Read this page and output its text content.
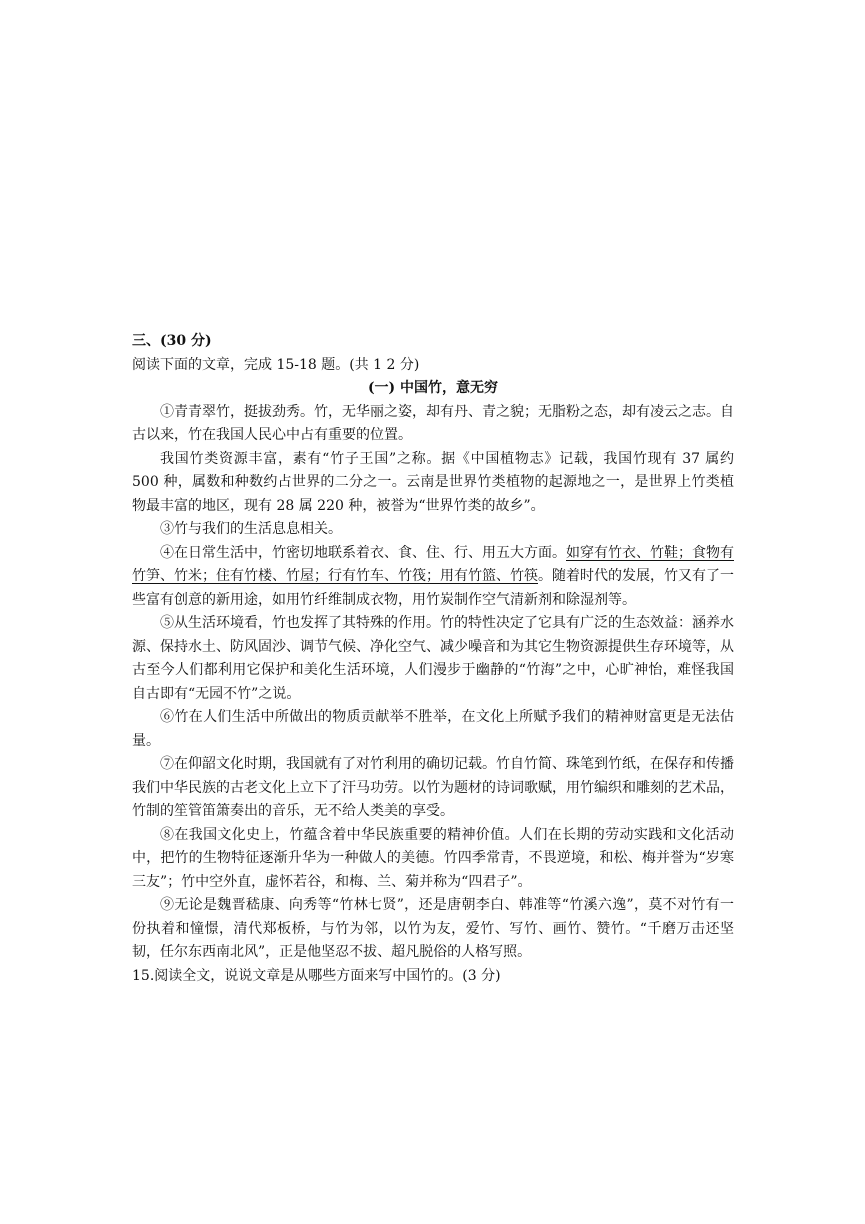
三、(30 分)

阅读下面的文章，完成 15-18 题。(共 1 2 分)

(一) 中国竹，意无穷

①青青翠竹，挺拔劲秀。竹，无华丽之姿，却有丹、青之貌；无脂粉之态，却有凌云之志。自古以来，竹在我国人民心中占有重要的位置。

我国竹类资源丰富，素有“竹子王国”之称。据《中国植物志》记载，我国竹现有 37 属约 500 种，属数和种数约占世界的二分之一。云南是世界竹类植物的起源地之一，是世界上竹类植物最丰富的地区，现有 28 属 220 种，被誉为“世界竹类的故乡”。

③竹与我们的生活息息相关。

④在日常生活中，竹密切地联系着衣、食、住、行、用五大方面。如穿有竹衣、竹鞋；食物有竹笋、竹米；住有竹楼、竹屋；行有竹车、竹筏；用有竹篮、竹筷。随着时代的发展，竹又有了一些富有创意的新用途，如用竹纤维制成衣物，用竹炭制作空气清新剂和除湿剂等。

⑤从生活环境看，竹也发挥了其特殊的作用。竹的特性决定了它具有广泛的生态效益：涵养水源、保持水土、防风固沙、调节气候、净化空气、减少噪音和为其它生物资源提供生存环境等，从古至今人们都利用它保护和美化生活环境，人们漫步于幽静的“竹海”之中，心旷神怡，难怪我国自古即有“无园不竹”之说。

⑥竹在人们生活中所做出的物质贡献举不胜举，在文化上所赋予我们的精神财富更是无法估量。

⑦在仰韶文化时期，我国就有了对竹利用的确切记载。竹自竹简、珠笔到竹纸，在保存和传播我们中华民族的古老文化上立下了汗马功劳。以竹为题材的诗词歌赋，用竹编织和雕刻的艺术品，竹制的笙管笛箫奏出的音乐，无不给人类美的享受。

⑧在我国文化史上，竹蕴含着中华民族重要的精神价值。人们在长期的劳动实践和文化活动中，把竹的生物特征逐渐升华为一种做人的美德。竹四季常青，不畏逆境，和松、梅并誉为“岁寒三友”；竹中空外直，虚怀若谷，和梅、兰、菊并称为“四君子”。

⑨无论是魏晋嵇康、向秀等“竹林七贤”，还是唐朝李白、韩准等“竹溪六逸”，莫不对竹有一份执着和憧憬，清代郑板桥，与竹为邻，以竹为友，爱竹、写竹、画竹、赞竹。“千磨万击还坚韧，任尔东西南北风”，正是他坚忍不拔、超凡脱俗的人格写照。

15.阅读全文，说说文章是从哪些方面来写中国竹的。(3 分)
